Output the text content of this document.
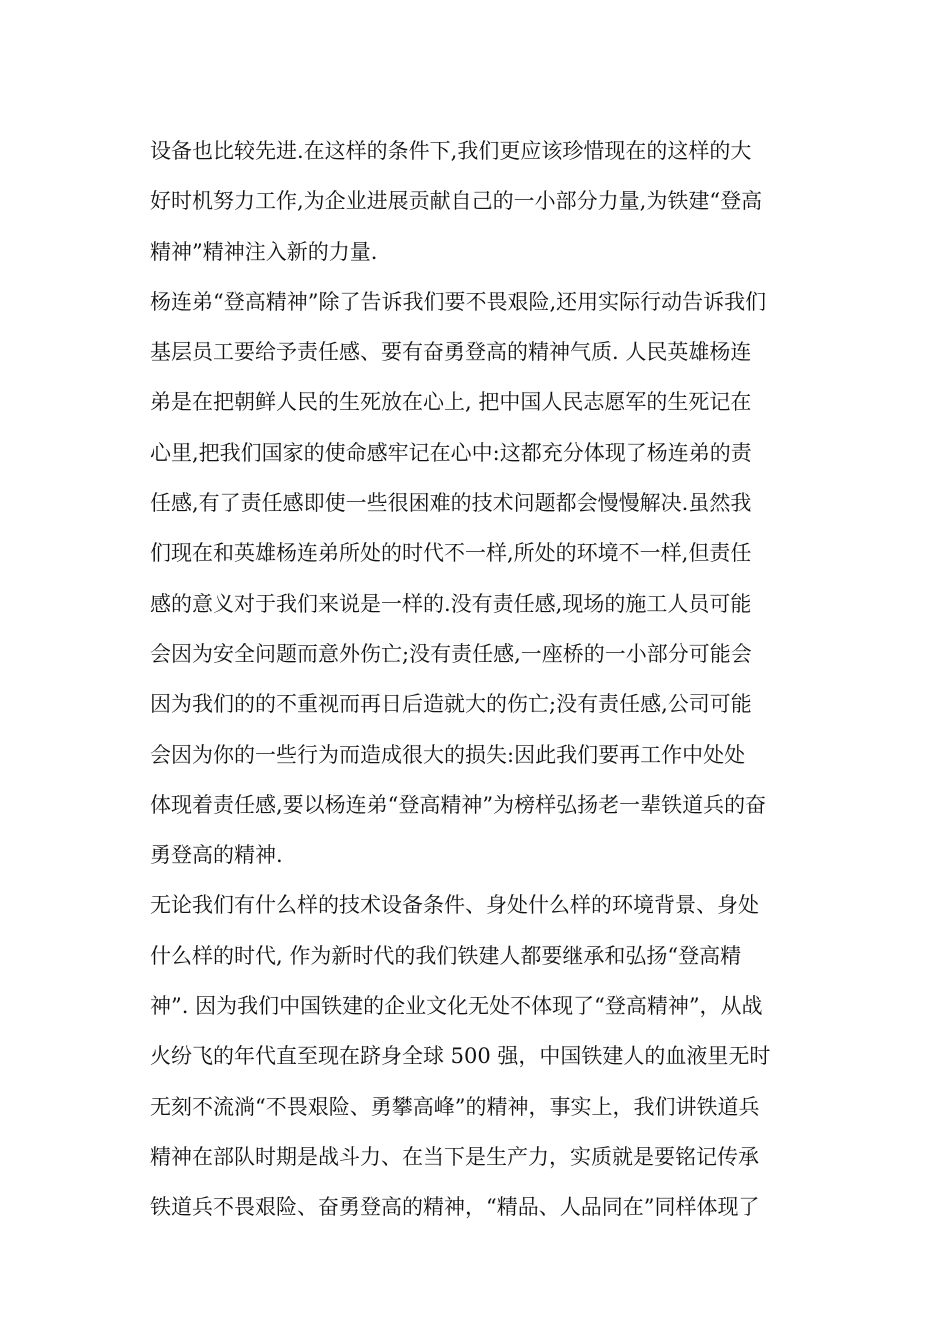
设备也比较先进.在这样的条件下,我们更应该珍惜现在的这样的大
好时机努力工作,为企业进展贡献自己的一小部分力量,为铁建“登高
精神”精神注入新的力量.
杨连弟“登高精神”除了告诉我们要不畏艰险,还用实际行动告诉我们
基层员工要给予责任感、要有奋勇登高的精神气质. 人民英雄杨连
弟是在把朝鲜人民的生死放在心上, 把中国人民志愿军的生死记在
心里,把我们国家的使命感牢记在心中:这都充分体现了杨连弟的责
任感,有了责任感即使一些很困难的技术问题都会慢慢解决.虽然我
们现在和英雄杨连弟所处的时代不一样,所处的环境不一样,但责任
感的意义对于我们来说是一样的.没有责任感,现场的施工人员可能
会因为安全问题而意外伤亡;没有责任感,一座桥的一小部分可能会
因为我们的的不重视而再日后造就大的伤亡;没有责任感,公司可能
会因为你的一些行为而造成很大的损失:因此我们要再工作中处处
体现着责任感,要以杨连弟“登高精神”为榜样弘扬老一辈铁道兵的奋
勇登高的精神.
无论我们有什么样的技术设备条件、身处什么样的环境背景、身处
什么样的时代, 作为新时代的我们铁建人都要继承和弘扬“登高精
神”. 因为我们中国铁建的企业文化无处不体现了“登高精神”，从战
火纷飞的年代直至现在跻身全球 500 强，中国铁建人的血液里无时
无刻不流淌“不畏艰险、勇攀高峰”的精神，事实上，我们讲铁道兵
精神在部队时期是战斗力、在当下是生产力，实质就是要铭记传承
铁道兵不畏艰险、奋勇登高的精神，“精品、人品同在”同样体现了
